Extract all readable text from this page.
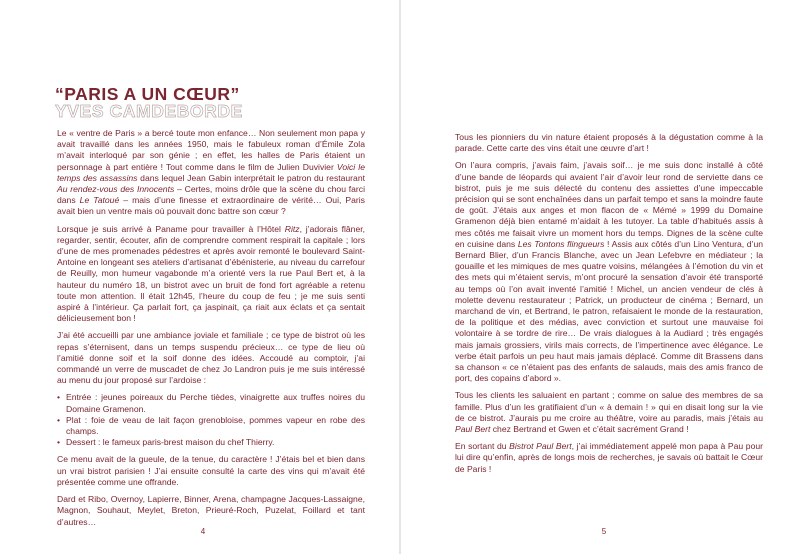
“PARIS A UN CŒUR”
YVES CAMDEBORDE

Le « ventre de Paris » a bercé toute mon enfance… Non seulement mon papa y avait travaillé dans les années 1950, mais le fabuleux roman d’Émile Zola m’avait interloqué par son génie ; en effet, les halles de Paris étaient un personnage à part entière ! Tout comme dans le film de Julien Duvivier Voici le temps des assassins dans lequel Jean Gabin interprétait le patron du restaurant Au rendez-vous des Innocents – Certes, moins drôle que la scène du chou farci dans Le Tatoué – mais d’une finesse et extraordinaire de vérité… Oui, Paris avait bien un ventre mais où pouvait donc battre son cœur ?

Lorsque je suis arrivé à Paname pour travailler à l’Hôtel Ritz, j’adorais flâner, regarder, sentir, écouter, afin de comprendre comment respirait la capitale ; lors d’une de mes promenades pédestres et après avoir remonté le boulevard Saint-Antoine en longeant ses ateliers d’artisanat d’ébénisterie, au niveau du carrefour de Reuilly, mon humeur vagabonde m’a orienté vers la rue Paul Bert et, à la hauteur du numéro 18, un bistrot avec un bruit de fond fort agréable a retenu toute mon attention. Il était 12h45, l’heure du coup de feu ; je me suis senti aspiré à l’intérieur. Ça parlait fort, ça jaspinait, ça riait aux éclats et ça sentait délicieusement bon !

J’ai été accueilli par une ambiance joviale et familiale ; ce type de bistrot où les repas s’éternisent, dans un temps suspendu précieux… ce type de lieu où l’amitié donne soif et la soif donne des idées. Accoudé au comptoir, j’ai commandé un verre de muscadet de chez Jo Landron puis je me suis intéressé au menu du jour proposé sur l’ardoise :

• Entrée : jeunes poireaux du Perche tièdes, vinaigrette aux truffes noires du Domaine Gramenon.
• Plat : foie de veau de lait façon grenobloise, pommes vapeur en robe des champs.
• Dessert : le fameux paris-brest maison du chef Thierry.

Ce menu avait de la gueule, de la tenue, du caractère ! J’étais bel et bien dans un vrai bistrot parisien ! J’ai ensuite consulté la carte des vins qui m’avait été présentée comme une offrande.

Dard et Ribo, Overnoy, Lapierre, Binner, Arena, champagne Jacques-Lassaigne, Magnon, Souhaut, Meylet, Breton, Prieuré-Roch, Puzelat, Foillard et tant d’autres…

4

Tous les pionniers du vin nature étaient proposés à la dégustation comme à la parade. Cette carte des vins était une œuvre d’art !

On l’aura compris, j’avais faim, j’avais soif… je me suis donc installé à côté d’une bande de léopards qui avaient l’air d’avoir leur rond de serviette dans ce bistrot, puis je me suis délecté du contenu des assiettes d’une impeccable précision qui se sont enchaînées dans un parfait tempo et sans la moindre faute de goût. J’étais aux anges et mon flacon de « Mémé » 1999 du Domaine Gramenon déjà bien entamé m’aidait à les tutoyer. La table d’habitués assis à mes côtés me faisait vivre un moment hors du temps. Dignes de la scène culte en cuisine dans Les Tontons flingueurs ! Assis aux côtés d’un Lino Ventura, d’un Bernard Blier, d’un Francis Blanche, avec un Jean Lefebvre en médiateur ; la gouaille et les mimiques de mes quatre voisins, mélangées à l’émotion du vin et des mets qui m’étaient servis, m’ont procuré la sensation d’avoir été transporté au temps où l’on avait inventé l’amitié ! Michel, un ancien vendeur de clés à molette devenu restaurateur ; Patrick, un producteur de cinéma ; Bernard, un marchand de vin, et Bertrand, le patron, refaisaient le monde de la restauration, de la politique et des médias, avec conviction et surtout une mauvaise foi volontaire à se tordre de rire… De vrais dialogues à la Audiard ; très engagés mais jamais grossiers, virils mais corrects, de l’impertinence avec élégance. Le verbe était parfois un peu haut mais jamais déplacé. Comme dit Brassens dans sa chanson « ce n’étaient pas des enfants de salauds, mais des amis franco de port, des copains d’abord ».

Tous les clients les saluaient en partant ; comme on salue des membres de sa famille. Plus d’un les gratifiaient d’un « à demain ! » qui en disait long sur la vie de ce bistrot. J’aurais pu me croire au théâtre, voire au paradis, mais j’étais au Paul Bert chez Bertrand et Gwen et c’était sacrément Grand !

En sortant du Bistrot Paul Bert, j’ai immédiatement appelé mon papa à Pau pour lui dire qu’enfin, après de longs mois de recherches, je savais où battait le Cœur de Paris !

5
